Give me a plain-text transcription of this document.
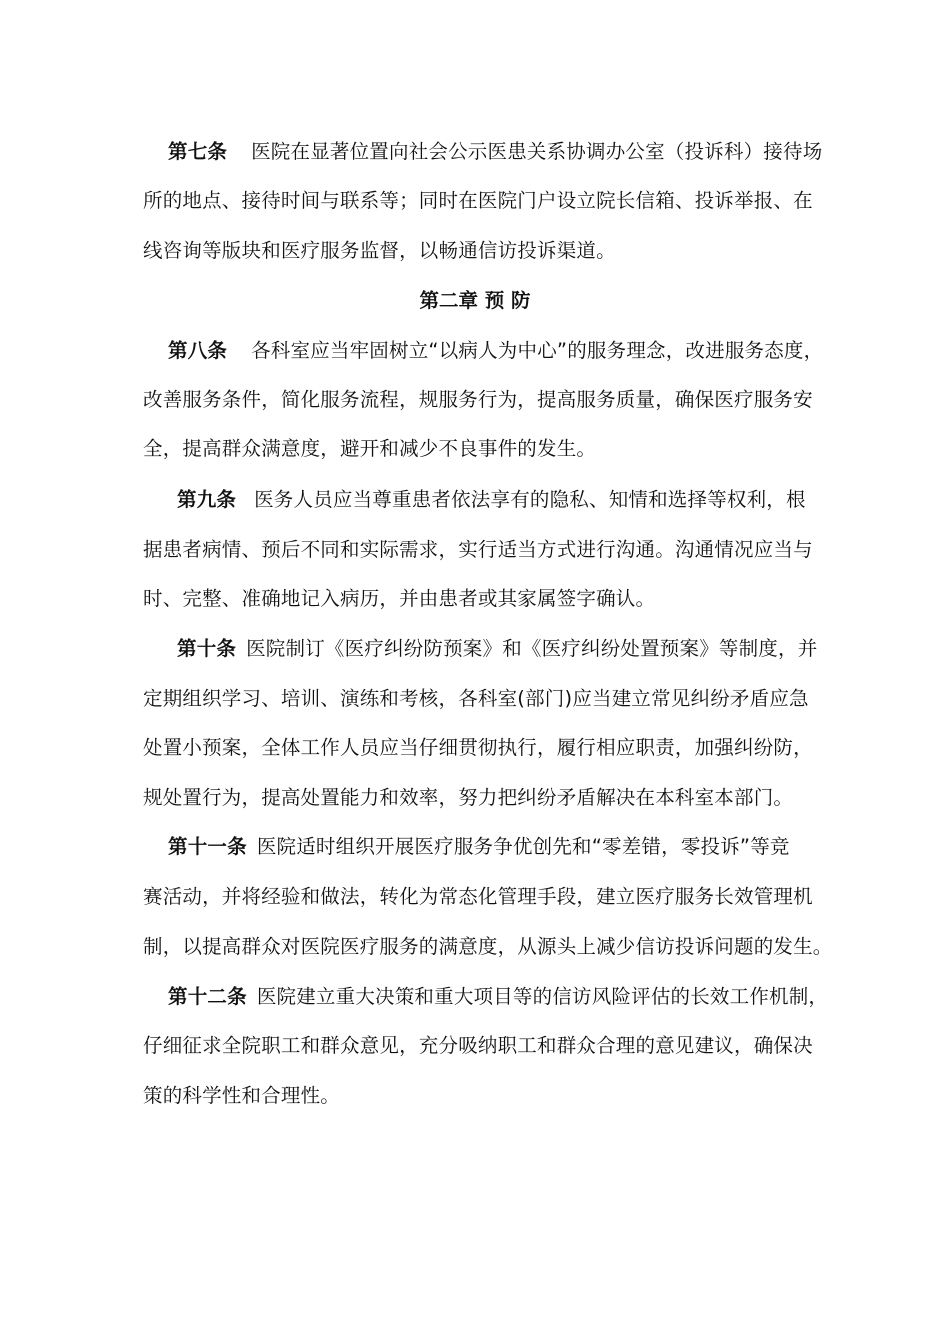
第七条 医院在显著位置向社会公示医患关系协调办公室（投诉科）接待场
所的地点、接待时间与联系等；同时在医院门户设立院长信箱、投诉举报、在
线咨询等版块和医疗服务监督，以畅通信访投诉渠道。
第二章 预 防
第八条 各科室应当牢固树立“以病人为中心”的服务理念，改进服务态度，
改善服务条件，简化服务流程，规服务行为，提高服务质量，确保医疗服务安
全，提高群众满意度，避开和减少不良事件的发生。
第九条 医务人员应当尊重患者依法享有的隐私、知情和选择等权利，根
据患者病情、预后不同和实际需求，实行适当方式进行沟通。沟通情况应当与
时、完整、准确地记入病历，并由患者或其家属签字确认。
第十条 医院制订《医疗纠纷防预案》和《医疗纠纷处置预案》等制度，并
定期组织学习、培训、演练和考核，各科室(部门)应当建立常见纠纷矛盾应急
处置小预案，全体工作人员应当仔细贯彻执行，履行相应职责，加强纠纷防，
规处置行为，提高处置能力和效率，努力把纠纷矛盾解决在本科室本部门。
第十一条 医院适时组织开展医疗服务争优创先和“零差错，零投诉”等竞
赛活动，并将经验和做法，转化为常态化管理手段，建立医疗服务长效管理机
制，以提高群众对医院医疗服务的满意度，从源头上减少信访投诉问题的发生。
第十二条 医院建立重大决策和重大项目等的信访风险评估的长效工作机制，
仔细征求全院职工和群众意见，充分吸纳职工和群众合理的意见建议，确保决
策的科学性和合理性。
